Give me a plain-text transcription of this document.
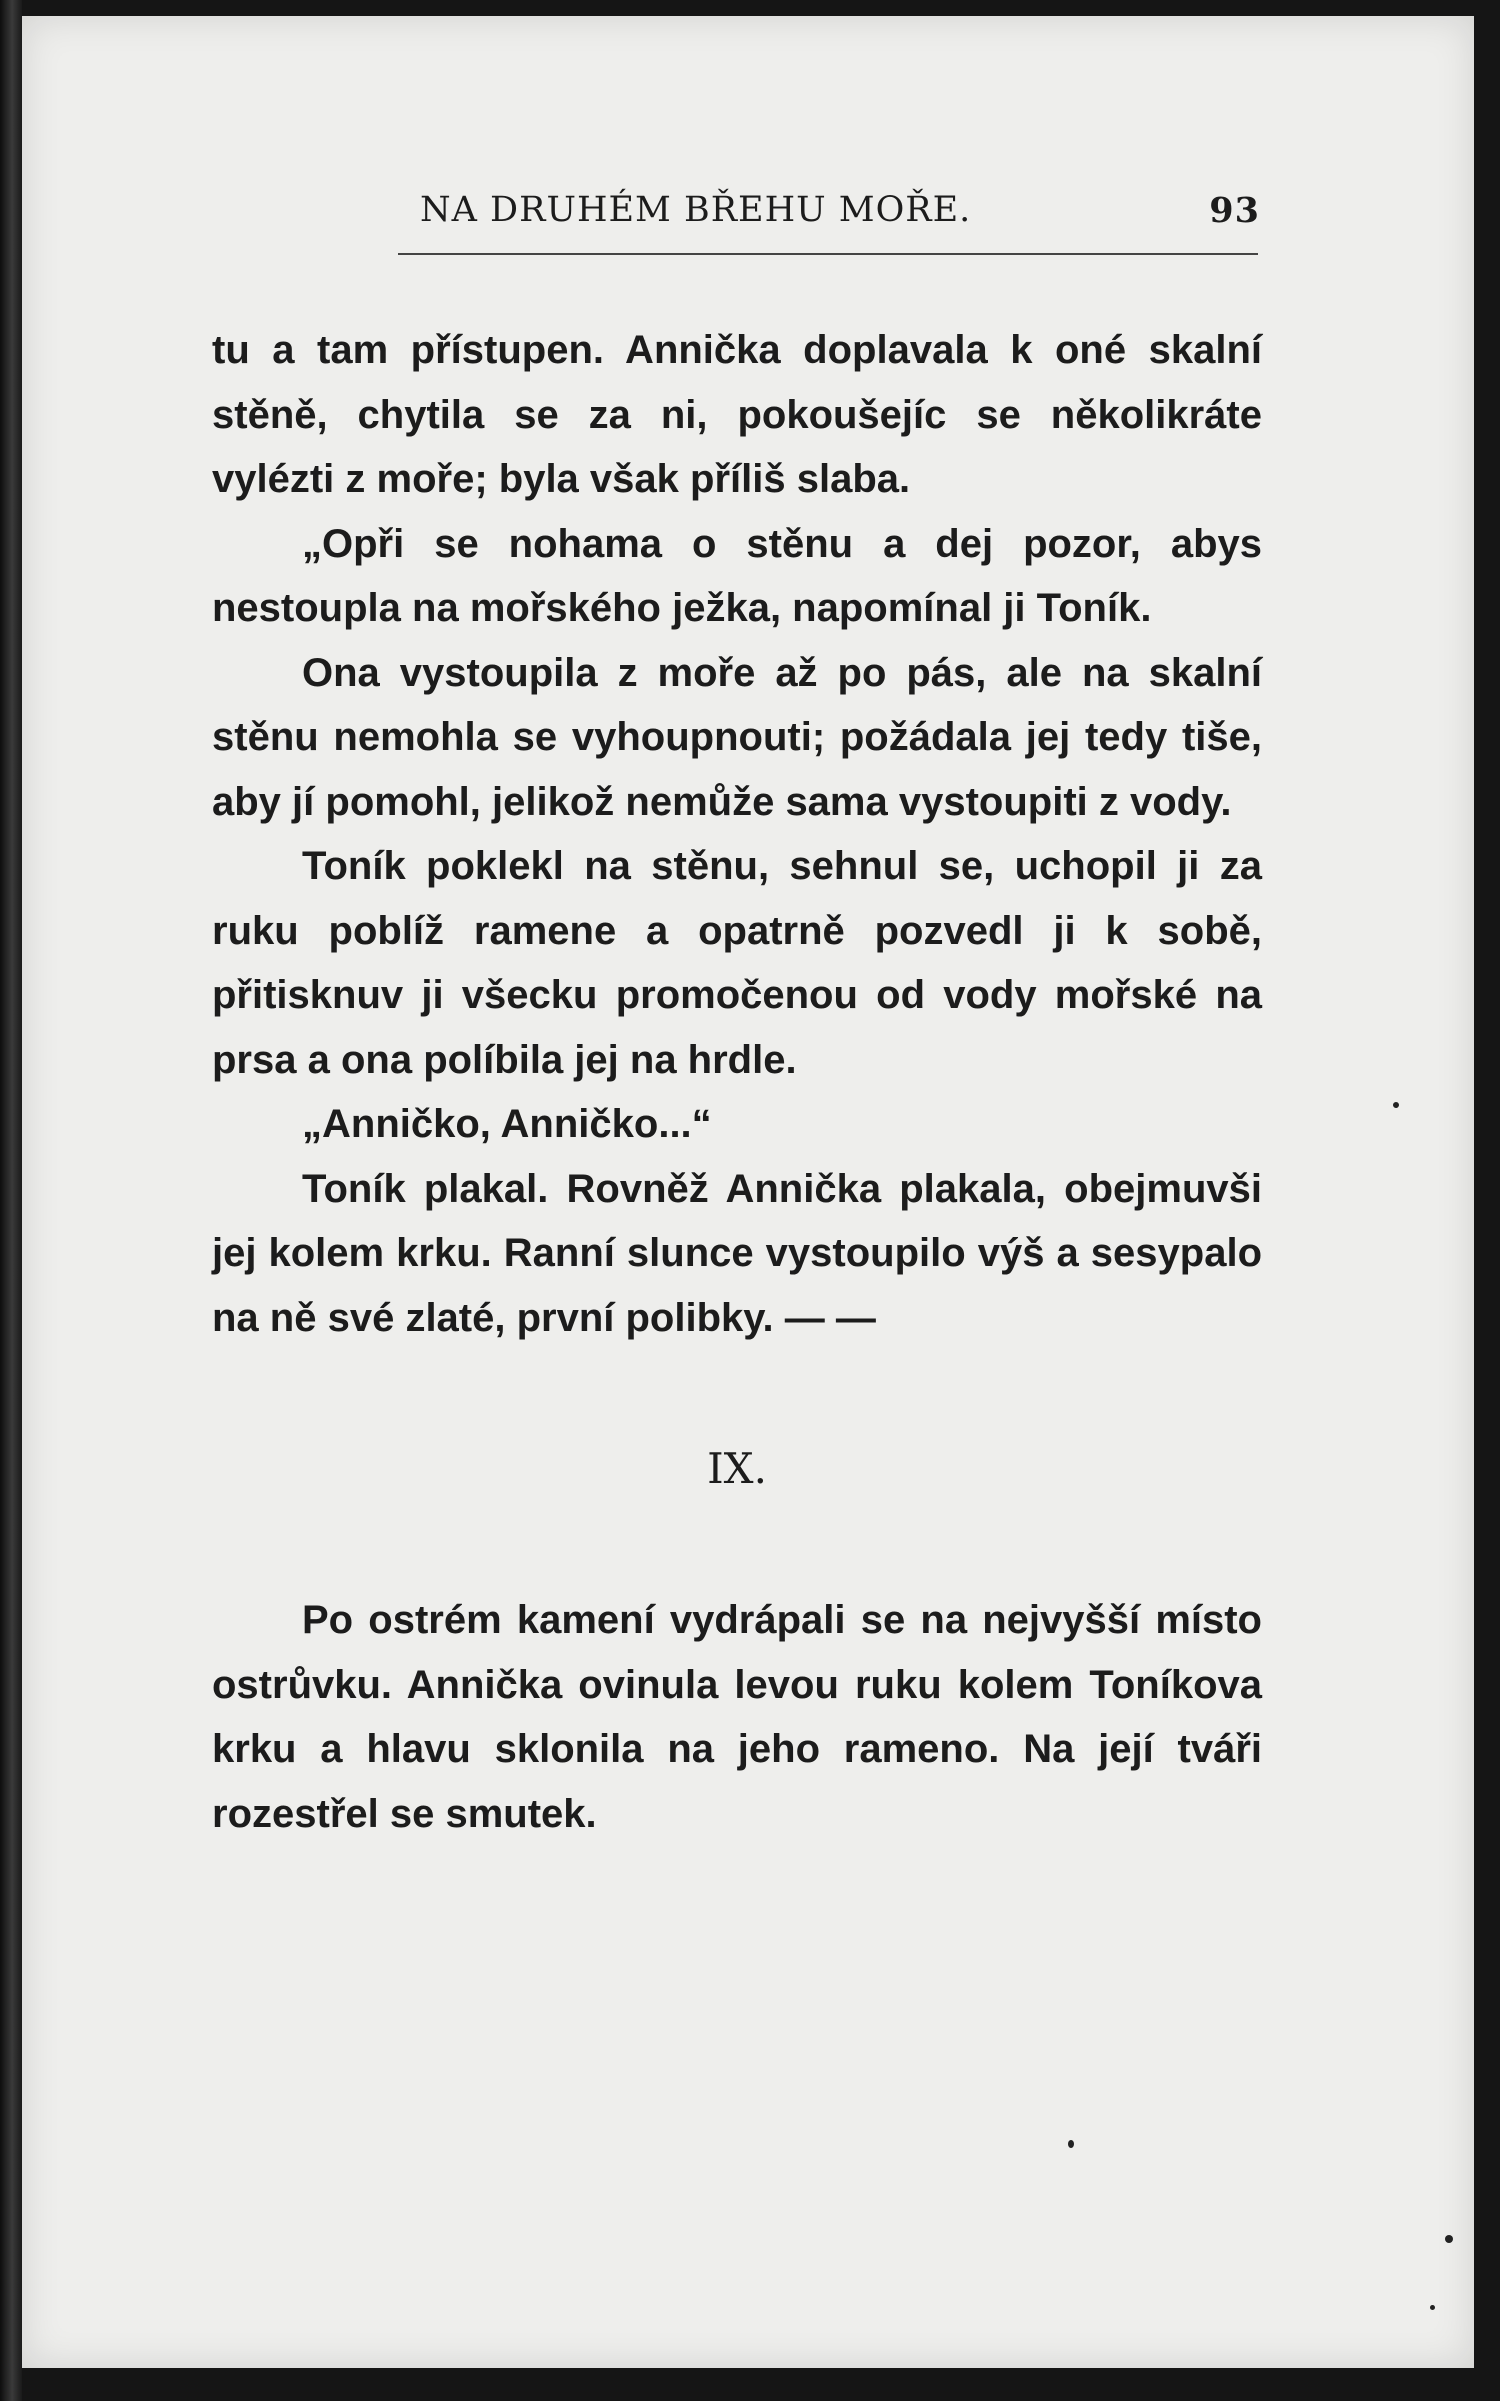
NA DRUHÉM BŘEHU MOŘE.	93

tu a tam přístupen. Annička doplavala k oné skalní stěně, chytila se za ni, pokoušejíc se několikráte vylézti z moře; byla však příliš slaba.

„Opři se nohama o stěnu a dej pozor, abys nestoupla na mořského ježka, napomínal ji Toník.

Ona vystoupila z moře až po pás, ale na skalní stěnu nemohla se vyhoupnouti; požádala jej tedy tiše, aby jí pomohl, jelikož nemůže sama vystoupiti z vody.

Toník poklekl na stěnu, sehnul se, uchopil ji za ruku poblíž ramene a opatrně pozvedl ji k sobě, přitisknuv ji všecku promočenou od vody mořské na prsa a ona políbila jej na hrdle.

„Anničko, Anničko...“

Toník plakal. Rovněž Annička plakala, obejmuvši jej kolem krku. Ranní slunce vystoupilo výš a sesypalo na ně své zlaté, první polibky. — —

IX.

Po ostrém kamení vydrápali se na nejvyšší místo ostrůvku. Annička ovinula levou ruku kolem Toníkova krku a hlavu sklonila na jeho rameno. Na její tváři rozestřel se smutek.
